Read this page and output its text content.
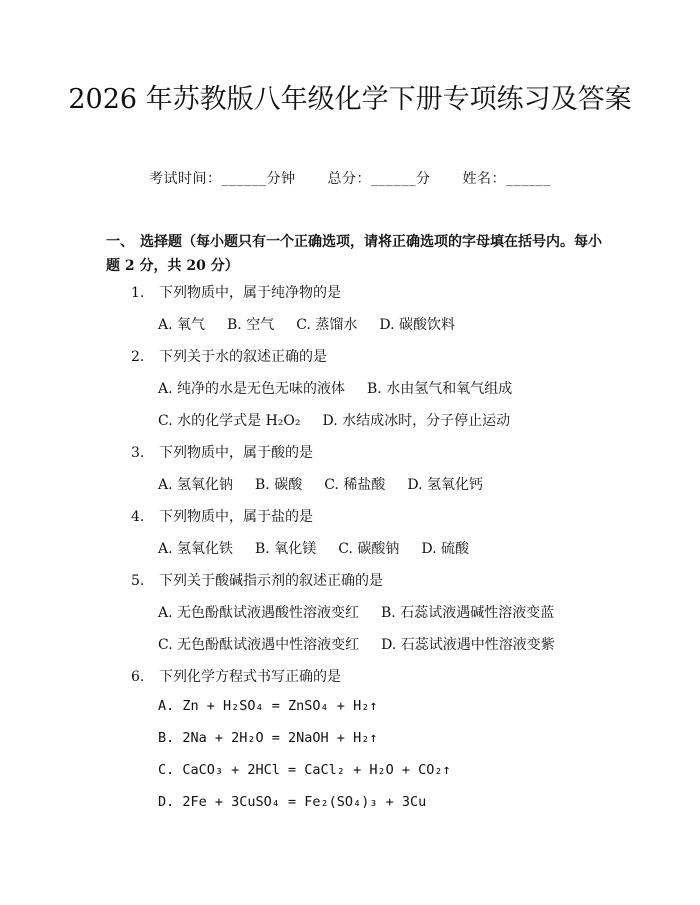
2026 年苏教版八年级化学下册专项练习及答案
考试时间：______分钟 总分：______分 姓名：______
一、 选择题（每小题只有一个正确选项，请将正确选项的字母填在括号内。每小题 2 分，共 20 分）
1. 下列物质中，属于纯净物的是
A. 氧气 B. 空气 C. 蒸馏水 D. 碳酸饮料
2. 下列关于水的叙述正确的是
A. 纯净的水是无色无味的液体 B. 水由氢气和氧气组成
C. 水的化学式是 H₂O₂ D. 水结成冰时，分子停止运动
3. 下列物质中，属于酸的是
A. 氢氧化钠 B. 碳酸 C. 稀盐酸 D. 氢氧化钙
4. 下列物质中，属于盐的是
A. 氢氧化铁 B. 氧化镁 C. 碳酸钠 D. 硫酸
5. 下列关于酸碱指示剂的叙述正确的是
A. 无色酚酞试液遇酸性溶液变红 B. 石蕊试液遇碱性溶液变蓝
C. 无色酚酞试液遇中性溶液变红 D. 石蕊试液遇中性溶液变紫
6. 下列化学方程式书写正确的是
A. Zn + H₂SO₄ = ZnSO₄ + H₂↑
B. 2Na + 2H₂O = 2NaOH + H₂↑
C. CaCO₃ + 2HCl = CaCl₂ + H₂O + CO₂↑
D. 2Fe + 3CuSO₄ = Fe₂(SO₄)₃ + 3Cu
